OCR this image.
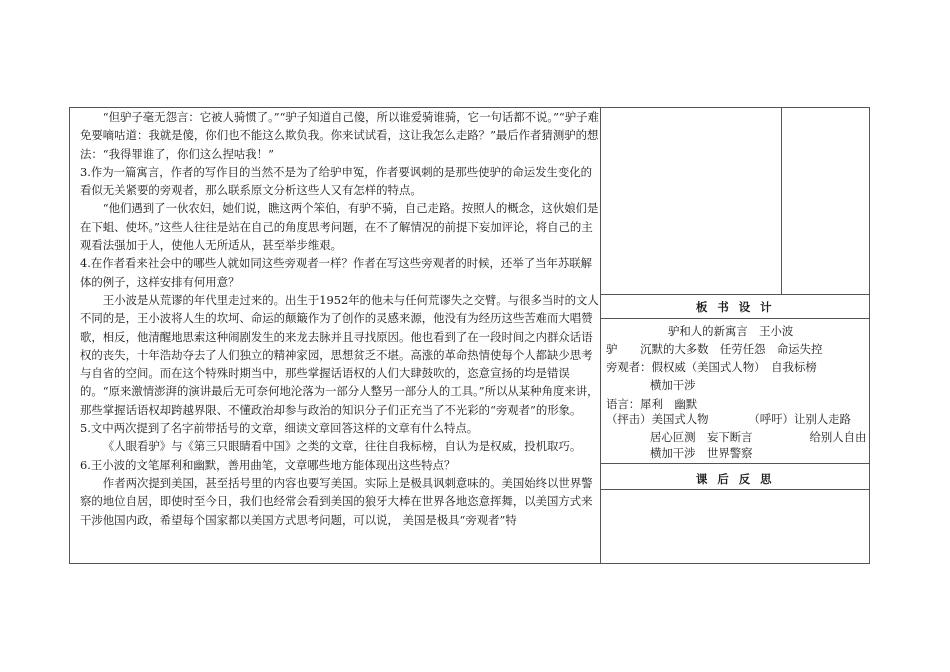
“但驴子毫无怨言：它被人骑惯了。”“驴子知道自己傻，所以谁爱骑谁骑，它一句话都不说。”“驴子难免要嘀咕道：我就是傻，你们也不能这么欺负我。你来试试看，这让我怎么走路？”最后作者猜测驴的想法：“我得罪谁了，你们这么捏咕我！”

3.作为一篇寓言，作者的写作目的当然不是为了给驴申冤，作者要讽刺的是那些使驴的命运发生变化的看似无关紧要的旁观者，那么联系原文分析这些人又有怎样的特点。

“他们遇到了一伙农妇，她们说，瞧这两个笨伯，有驴不骑，自己走路。按照人的概念，这伙娘们是在下蛆、使坏。”这些人往往是站在自己的角度思考问题，在不了解情况的前提下妄加评论，将自己的主观看法强加于人，使他人无所适从，甚至举步维艰。

4.在作者看来社会中的哪些人就如同这些旁观者一样？作者在写这些旁观者的时候，还举了当年苏联解体的例子，这样安排有何用意？

王小波是从荒谬的年代里走过来的。出生于1952年的他未与任何荒谬失之交臂。与很多当时的文人不同的是，王小波将人生的坎坷、命运的颠簸作为了创作的灵感来源，他没有为经历这些苦难而大唱赞歌，相反，他清醒地思索这种闹剧发生的来龙去脉并且寻找原因。他也看到了在一段时间之内群众话语权的丧失，十年浩劫夺去了人们独立的精神家园，思想贫乏不堪。高涨的革命热情使每个人都缺少思考与自省的空间。而在这个特殊时期当中，那些掌握话语权的人们大肆鼓吹的，恣意宣扬的均是错误的。“原来激情澎湃的演讲最后无可奈何地沦落为一部分人整另一部分人的工具。”所以从某种角度来讲，那些掌握话语权却跨越界限、不懂政治却参与政治的知识分子们正充当了不光彩的“旁观者”的形象。

5.文中两次提到了名字前带括号的文章，细读文章回答这样的文章有什么特点。

《人眼看驴》与《第三只眼睛看中国》之类的文章，往往自我标榜，自认为是权威，投机取巧。

6.王小波的文笔犀利和幽默，善用曲笔，文章哪些地方能体现出这些特点？

作者两次提到美国，甚至括号里的内容也要写美国。实际上是极具讽刺意味的。美国始终以世界警察的地位自居，即使时至今日，我们也经常会看到美国的狼牙大棒在世界各地恣意挥舞，以美国方式来干涉他国内政，希望每个国家都以美国方式思考问题，可以说， 美国是极具“旁观者”特

板书设计
驴和人的新寓言　王小波
驴　　沉默的大多数　任劳任怨　命运失控
旁观者：假权威（美国式人物）　自我标榜
横加干涉
语言：犀利　幽默
（抨击）美国式人物　　　　（呼吁）让别人走路
居心叵测　妄下断言　　　　　给别人自由
横加干涉　世界警察
课后反思
